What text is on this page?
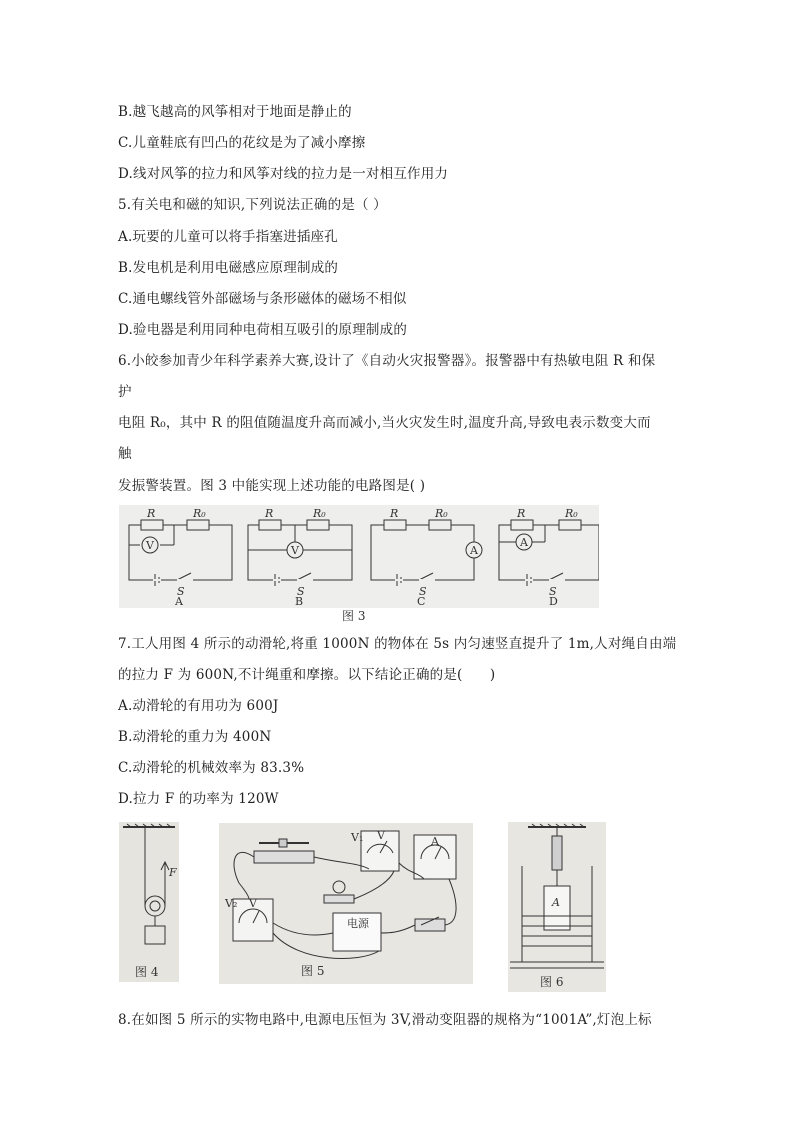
B.越飞越高的风筝相对于地面是静止的
C.儿童鞋底有凹凸的花纹是为了减小摩擦
D.线对风筝的拉力和风筝对线的拉力是一对相互作用力
5.有关电和磁的知识,下列说法正确的是（ ）
A.玩要的儿童可以将手指塞进插座孔
B.发电机是利用电磁感应原理制成的
C.通电螺线管外部磁场与条形磁体的磁场不相似
D.验电器是利用同种电荷相互吸引的原理制成的
6.小皎参加青少年科学素养大赛,设计了《自动火灾报警器》。报警器中有热敏电阻 R 和保
护
电阻 R₀，其中 R 的阻值随温度升高而减小,当火灾发生时,温度升高,导致电表示数变大而
触
发振警装置。图 3 中能实现上述功能的电路图是( )
R	R₀
V
S
A
R	R₀
V
S
B
R	R₀
A
S
C
R	R₀
A
S
D
图 3
7.工人用图 4 所示的动滑轮,将重 1000N 的物体在 5s 内匀速竖直提升了 1m,人对绳自由端
的拉力 F 为 600N,不计绳重和摩擦。以下结论正确的是(　　)
A.动滑轮的有用功为 600J
B.动滑轮的重力为 400N
C.动滑轮的机械效率为 83.3%
D.拉力 F 的功率为 120W
F
图 4
V₁ V	A
V₂ V
电源
图 5
A
图 6
8.在如图 5 所示的实物电路中,电源电压恒为 3V,滑动变阻器的规格为“1001A”,灯泡上标
